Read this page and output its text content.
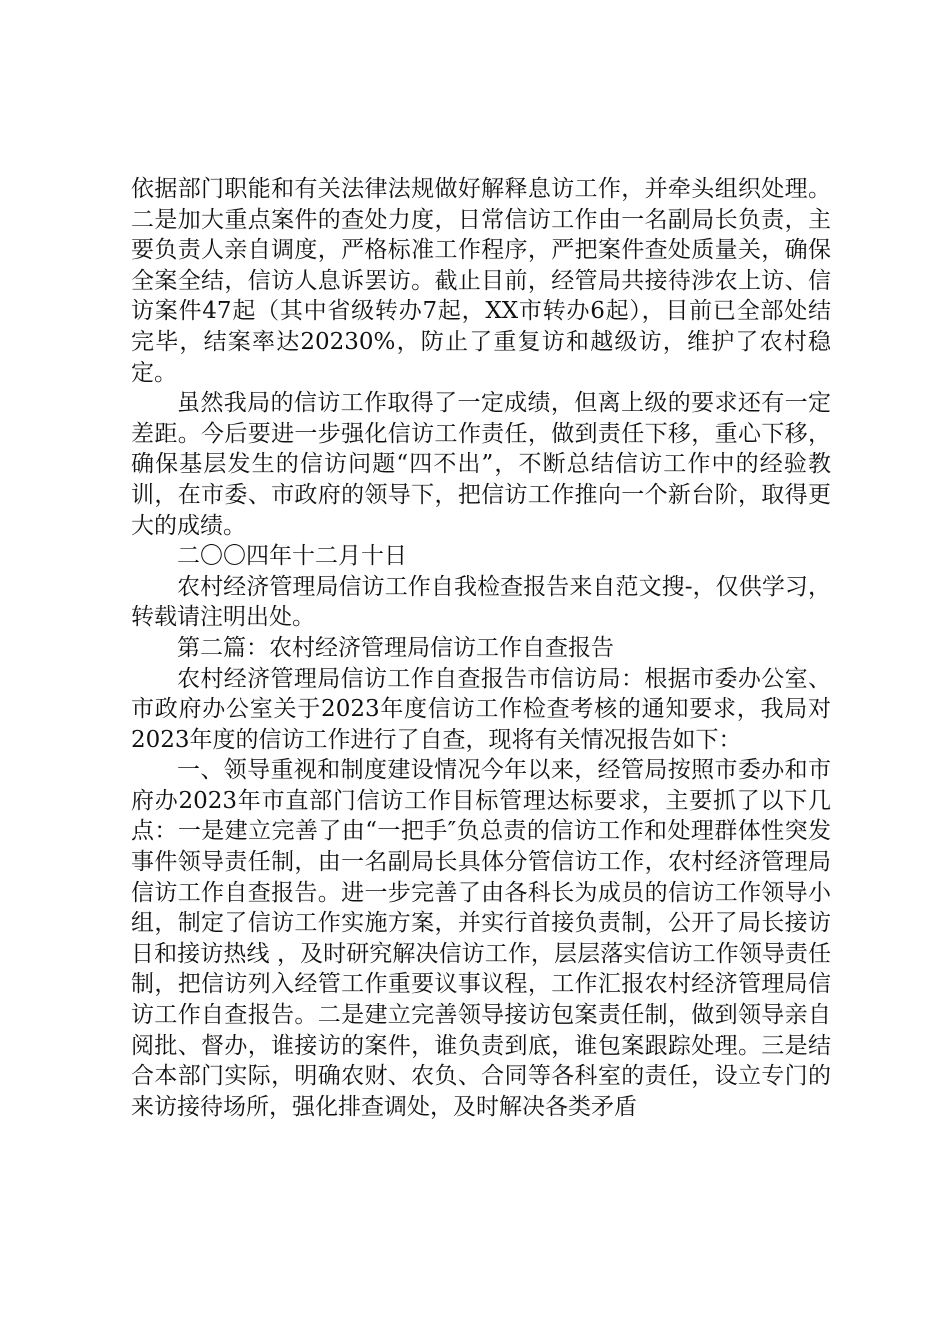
依据部门职能和有关法律法规做好解释息访工作，并牵头组织处理。二是加大重点案件的查处力度，日常信访工作由一名副局长负责，主要负责人亲自调度，严格标准工作程序，严把案件查处质量关，确保全案全结，信访人息诉罢访。截止目前，经管局共接待涉农上访、信访案件47起（其中省级转办7起，XX市转办6起），目前已全部处结完毕，结案率达20230%，防止了重复访和越级访，维护了农村稳定。

虽然我局的信访工作取得了一定成绩，但离上级的要求还有一定差距。今后要进一步强化信访工作责任，做到责任下移，重心下移，确保基层发生的信访问题“四不出”，不断总结信访工作中的经验教训，在市委、市政府的领导下，把信访工作推向一个新台阶，取得更大的成绩。

二〇〇四年十二月十日

农村经济管理局信访工作自我检查报告来自范文搜-，仅供学习，转载请注明出处。

第二篇：农村经济管理局信访工作自查报告

农村经济管理局信访工作自查报告市信访局：根据市委办公室、市政府办公室关于2023年度信访工作检查考核的通知要求，我局对2023年度的信访工作进行了自查，现将有关情况报告如下：

一、领导重视和制度建设情况今年以来，经管局按照市委办和市府办2023年市直部门信访工作目标管理达标要求，主要抓了以下几点：一是建立完善了由“一把手″负总责的信访工作和处理群体性突发事件领导责任制，由一名副局长具体分管信访工作，农村经济管理局信访工作自查报告。进一步完善了由各科长为成员的信访工作领导小组，制定了信访工作实施方案，并实行首接负责制，公开了局长接访日和接访热线 ，及时研究解决信访工作，层层落实信访工作领导责任制，把信访列入经管工作重要议事议程，工作汇报农村经济管理局信访工作自查报告。二是建立完善领导接访包案责任制，做到领导亲自阅批、督办，谁接访的案件，谁负责到底，谁包案跟踪处理。三是结合本部门实际，明确农财、农负、合同等各科室的责任，设立专门的来访接待场所，强化排查调处，及时解决各类矛盾
